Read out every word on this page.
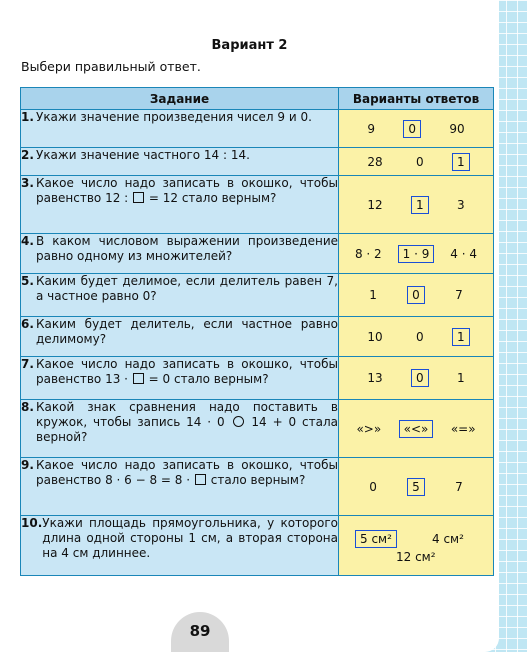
Вариант 2
Выбери правильный ответ.
Задание	Варианты ответов

1. Укажи значение произведения чисел 9 и 0.	9 0 90

2. Укажи значение частного 14 : 14.	28 0 1

3. Какое число надо записать в окошко, чтобы равенство 12 : = 12 стало верным?	12 1 3

4. В каком числовом выражении произведение равно одному из множителей?	8 · 2 1 · 9 4 · 4

5. Каким будет делимое, если делитель равен 7, а частное равно 0?	1 0 7

6. Каким будет делитель, если частное равно делимому?	10 0 1

7. Какое число надо записать в окошко, чтобы равенство 13 · = 0 стало верным?	13 0 1

8. Какой знак сравнения надо поставить в кружок, чтобы запись 14 · 0 14 + 0 стала верной?	«>» «<» «=»

9. Какое число надо записать в окошко, чтобы равенство 8 · 6 − 8 = 8 · стало верным?	0 5 7

10. Укажи площадь прямоугольника, у которого длина одной стороны 1 см, а вторая сторона на 4 см длиннее.	5 см² 4 см²
12 см²
89
